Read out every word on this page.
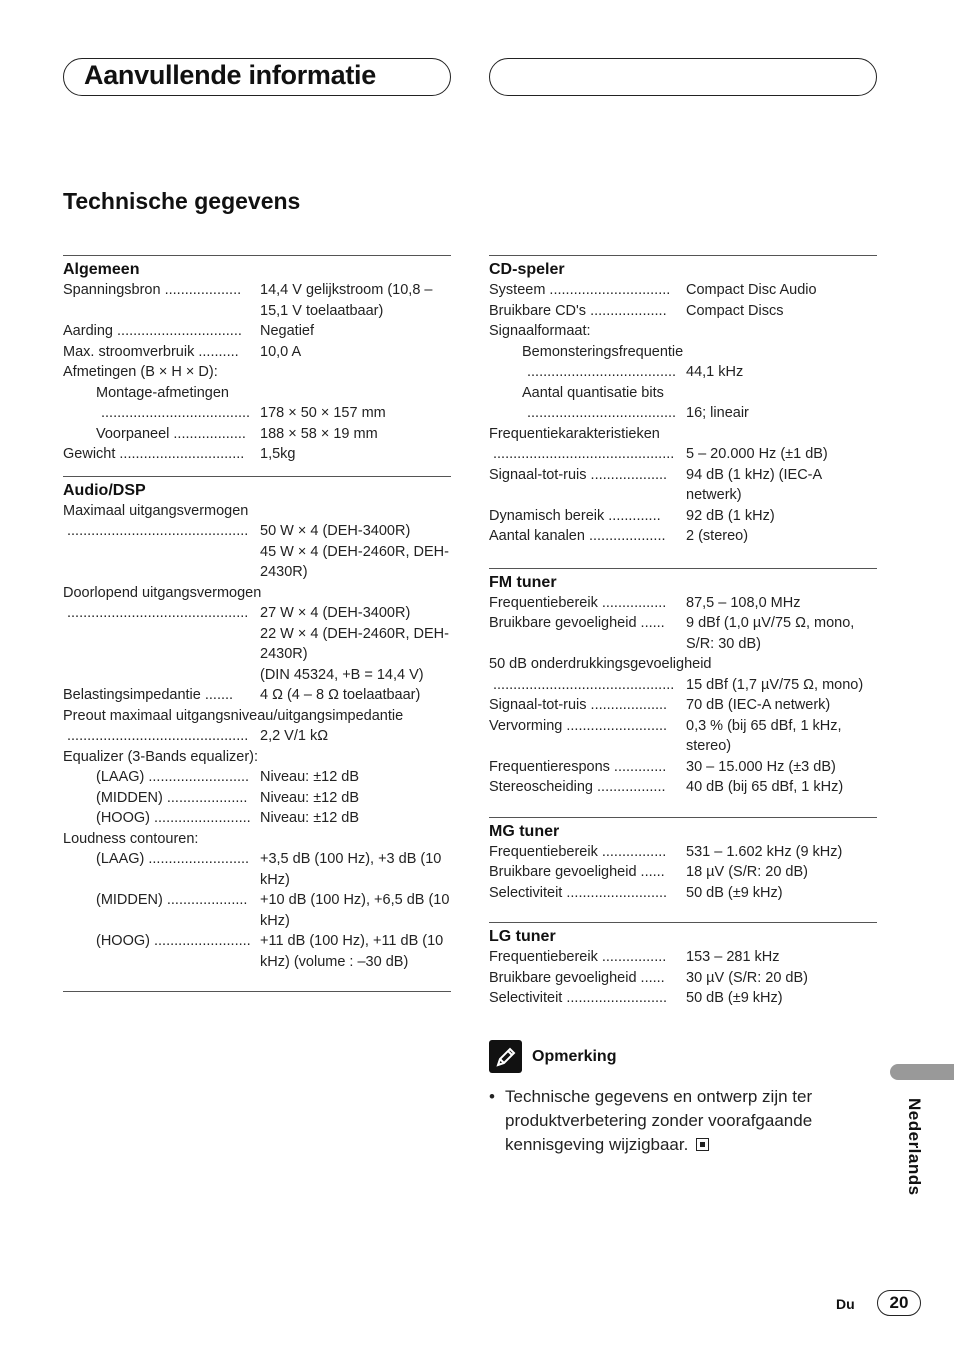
Aanvullende informatie
Technische gegevens
Algemeen
Spanningsbron ...................	14,4 V gelijkstroom (10,8 – 15,1 V toelaatbaar)
Aarding ...............................	Negatief
Max. stroomverbruik ..........	10,0 A
Afmetingen (B × H × D):
Montage-afmetingen
..................................... 178 × 50 × 157 mm
Voorpaneel .................. 188 × 58 × 19 mm
Gewicht ...............................	1,5kg
Audio/DSP
Maximaal uitgangsvermogen
............................................. 50 W × 4 (DEH-3400R)
45 W × 4 (DEH-2460R, DEH-2430R)
Doorlopend uitgangsvermogen
............................................. 27 W × 4 (DEH-3400R)
22 W × 4 (DEH-2460R, DEH-2430R)
(DIN 45324, +B = 14,4 V)
Belastingsimpedantie .......	4 Ω (4 – 8 Ω toelaatbaar)
Preout maximaal uitgangsniveau/uitgangsimpedantie
............................................. 2,2 V/1 kΩ
Equalizer (3-Bands equalizer):
(LAAG) ......................... Niveau: ±12 dB
(MIDDEN) .................... Niveau: ±12 dB
(HOOG) ........................ Niveau: ±12 dB
Loudness contouren:
(LAAG) ......................... +3,5 dB (100 Hz), +3 dB (10 kHz)
(MIDDEN) .................... +10 dB (100 Hz), +6,5 dB (10 kHz)
(HOOG) ........................ +11 dB (100 Hz), +11 dB (10 kHz) (volume : –30 dB)
CD-speler
Systeem ..............................	Compact Disc Audio
Bruikbare CD's ...................	Compact Discs
Signaalformaat:
Bemonsteringsfrequentie
..................................... 44,1 kHz
Aantal quantisatie bits
..................................... 16; lineair
Frequentiekarakteristieken
............................................. 5 – 20.000 Hz (±1 dB)
Signaal-tot-ruis ...................	94 dB (1 kHz) (IEC-A netwerk)
Dynamisch bereik .............	92 dB (1 kHz)
Aantal kanalen ...................	2 (stereo)
FM tuner
Frequentiebereik ................	87,5 – 108,0 MHz
Bruikbare gevoeligheid ......	9 dBf (1,0 µV/75 Ω, mono, S/R: 30 dB)
50 dB onderdrukkingsgevoeligheid
............................................. 15 dBf (1,7 µV/75 Ω, mono)
Signaal-tot-ruis ...................	70 dB (IEC-A netwerk)
Vervorming .........................	0,3 % (bij 65 dBf, 1 kHz, stereo)
Frequentierespons .............	30 – 15.000 Hz (±3 dB)
Stereoscheiding .................	40 dB (bij 65 dBf, 1 kHz)
MG tuner
Frequentiebereik ................	531 – 1.602 kHz (9 kHz)
Bruikbare gevoeligheid ......	18 µV (S/R: 20 dB)
Selectiviteit .........................	50 dB (±9 kHz)
LG tuner
Frequentiebereik ................	153 – 281 kHz
Bruikbare gevoeligheid ......	30 µV (S/R: 20 dB)
Selectiviteit .........................	50 dB (±9 kHz)
Opmerking
• Technische gegevens en ontwerp zijn ter produktverbetering zonder voorafgaande kennisgeving wijzigbaar.	Nederlands
Du	20
